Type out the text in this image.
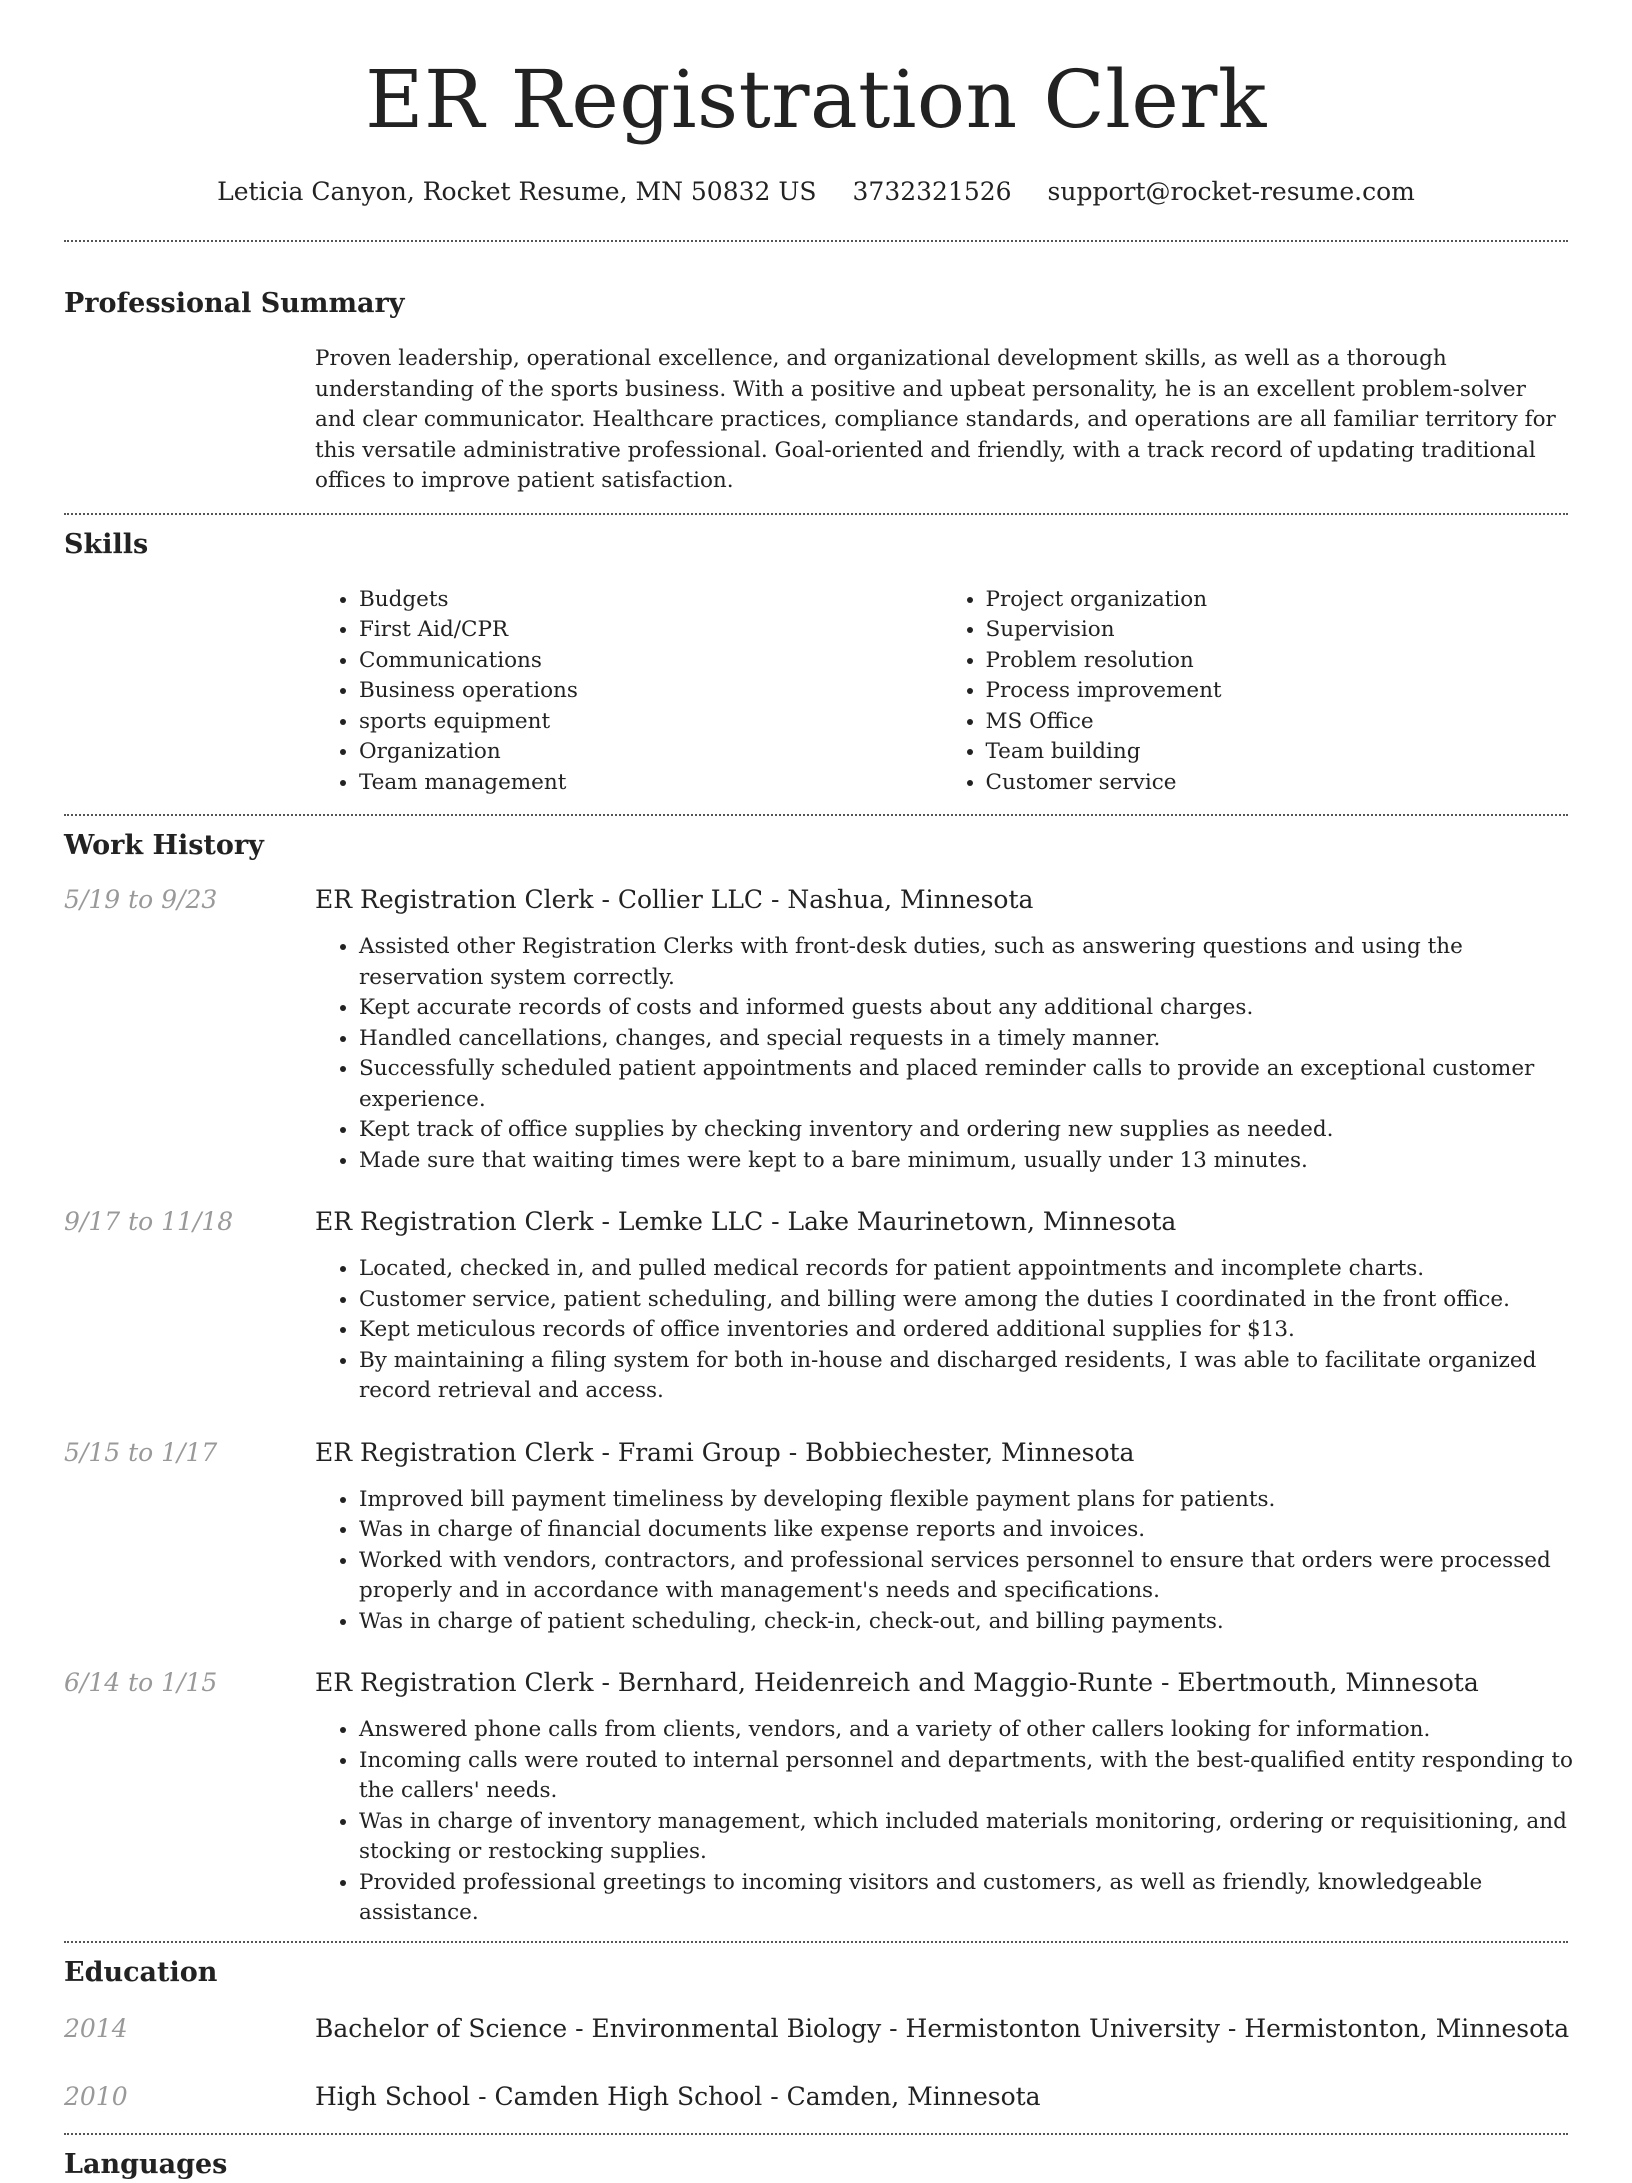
ER Registration Clerk
Leticia Canyon, Rocket Resume, MN 50832 US 3732321526 support@rocket-resume.com
Professional Summary
Proven leadership, operational excellence, and organizational development skills, as well as a thorough understanding of the sports business. With a positive and upbeat personality, he is an excellent problem-solver and clear communicator. Healthcare practices, compliance standards, and operations are all familiar territory for this versatile administrative professional. Goal-oriented and friendly, with a track record of updating traditional offices to improve patient satisfaction.
Skills
• Budgets
• First Aid/CPR
• Communications
• Business operations
• sports equipment
• Organization
• Team management
• Project organization
• Supervision
• Problem resolution
• Process improvement
• MS Office
• Team building
• Customer service
Work History
5/19 to 9/23	ER Registration Clerk - Collier LLC - Nashua, Minnesota
• Assisted other Registration Clerks with front-desk duties, such as answering questions and using the reservation system correctly.
• Kept accurate records of costs and informed guests about any additional charges.
• Handled cancellations, changes, and special requests in a timely manner.
• Successfully scheduled patient appointments and placed reminder calls to provide an exceptional customer experience.
• Kept track of office supplies by checking inventory and ordering new supplies as needed.
• Made sure that waiting times were kept to a bare minimum, usually under 13 minutes.
9/17 to 11/18	ER Registration Clerk - Lemke LLC - Lake Maurinetown, Minnesota
• Located, checked in, and pulled medical records for patient appointments and incomplete charts.
• Customer service, patient scheduling, and billing were among the duties I coordinated in the front office.
• Kept meticulous records of office inventories and ordered additional supplies for $13.
• By maintaining a filing system for both in-house and discharged residents, I was able to facilitate organized record retrieval and access.
5/15 to 1/17	ER Registration Clerk - Frami Group - Bobbiechester, Minnesota
• Improved bill payment timeliness by developing flexible payment plans for patients.
• Was in charge of financial documents like expense reports and invoices.
• Worked with vendors, contractors, and professional services personnel to ensure that orders were processed properly and in accordance with management's needs and specifications.
• Was in charge of patient scheduling, check-in, check-out, and billing payments.
6/14 to 1/15	ER Registration Clerk - Bernhard, Heidenreich and Maggio-Runte - Ebertmouth, Minnesota
• Answered phone calls from clients, vendors, and a variety of other callers looking for information.
• Incoming calls were routed to internal personnel and departments, with the best-qualified entity responding to the callers' needs.
• Was in charge of inventory management, which included materials monitoring, ordering or requisitioning, and stocking or restocking supplies.
• Provided professional greetings to incoming visitors and customers, as well as friendly, knowledgeable assistance.
Education
2014	Bachelor of Science - Environmental Biology - Hermistonton University - Hermistonton, Minnesota
2010	High School - Camden High School - Camden, Minnesota
Languages
